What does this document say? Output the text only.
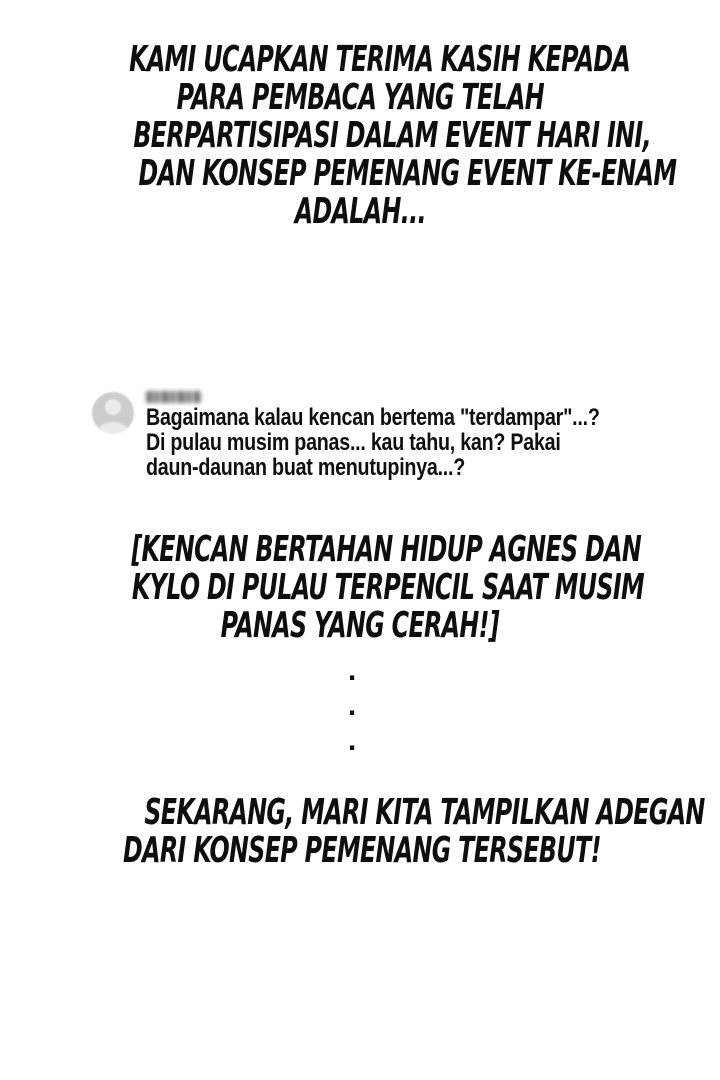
KAMI UCAPKAN TERIMA KASIH KEPADA
PARA PEMBACA YANG TELAH
BERPARTISIPASI DALAM EVENT HARI INI,
DAN KONSEP PEMENANG EVENT KE-ENAM
ADALAH...
Bagaimana kalau kencan bertema "terdampar"...?
Di pulau musim panas... kau tahu, kan? Pakai
daun-daunan buat menutupinya...?
[KENCAN BERTAHAN HIDUP AGNES DAN
KYLO DI PULAU TERPENCIL SAAT MUSIM
PANAS YANG CERAH!]
.
.
.
SEKARANG, MARI KITA TAMPILKAN ADEGAN
DARI KONSEP PEMENANG TERSEBUT!
